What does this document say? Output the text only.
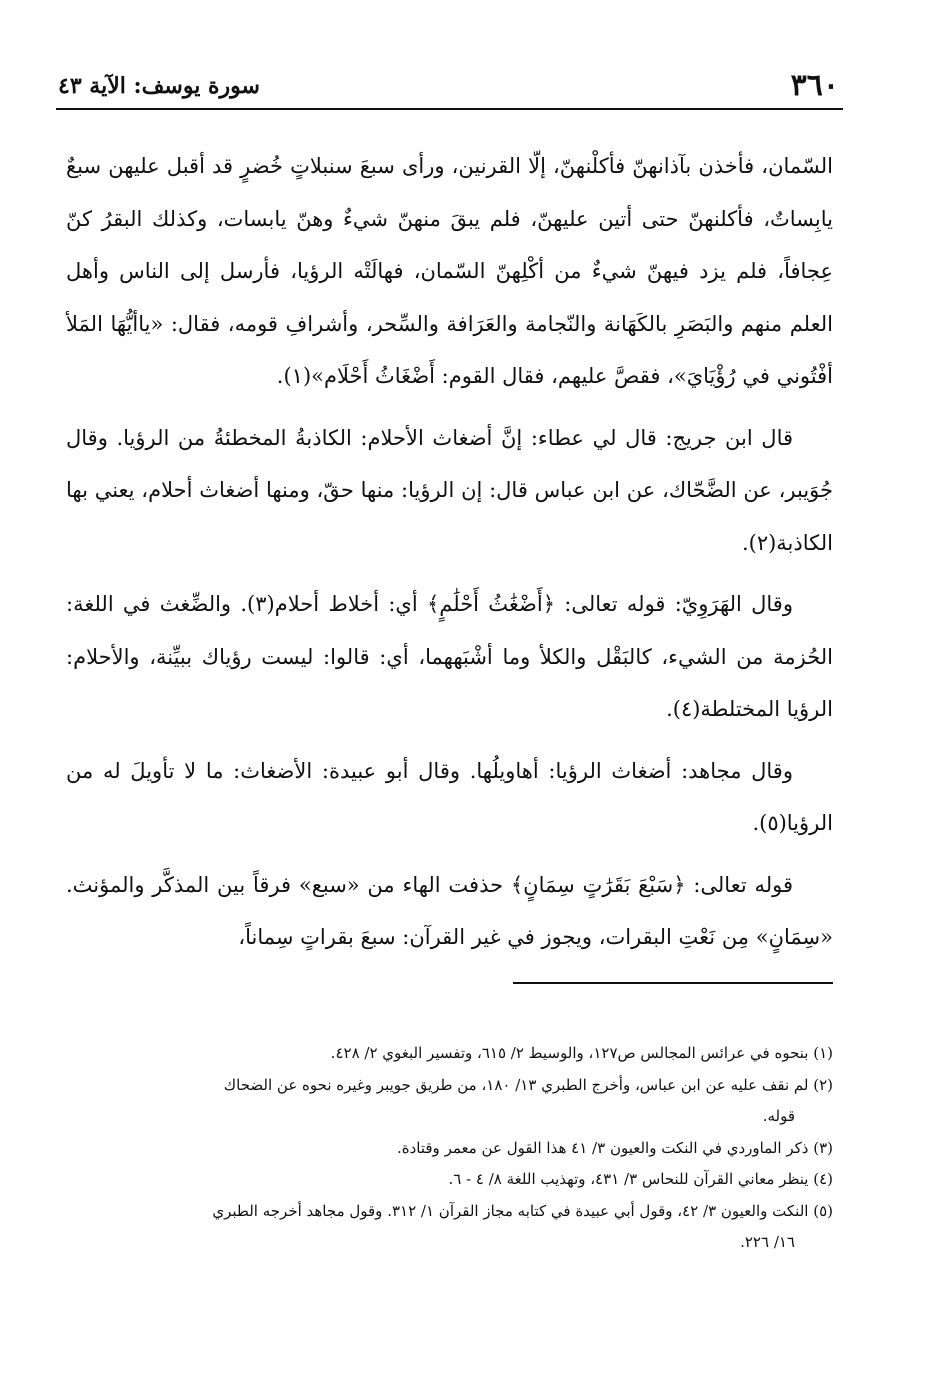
٣٦٠
سورة يوسف: الآية ٤٣

السّمان، فأخذن بآذانهنّ فأكلْنهنّ، إلّا القرنين، ورأى سبعَ سنبلاتٍ خُضرٍ قد أقبل عليهن سبعٌ يابِساتٌ، فأكلنهنّ حتى أتين عليهنّ، فلم يبقَ منهنّ شيءٌ وهنّ يابسات، وكذلك البقرُ كنّ عِجافاً، فلم يزد فيهنّ شيءٌ من أكْلِهنّ السّمان، فهالَتْه الرؤيا، فأرسل إلى الناس وأهل العلم منهم والبَصَرِ بالكَهَانة والنّجامة والعَرَافة والسِّحر، وأشرافِ قومه، فقال: «ياأيُّهَا المَلأ أفْتُوني في رُؤْيَايَ»، فقصَّ عليهم، فقال القوم: أَضْغَاثُ أَحْلَام»(١).

قال ابن جريج: قال لي عطاء: إنَّ أضغاث الأحلام: الكاذبةُ المخطئةُ من الرؤيا. وقال جُوَيبر، عن الضَّحّاك، عن ابن عباس قال: إن الرؤيا: منها حقّ، ومنها أضغاث أحلام، يعني بها الكاذبة(٢).

وقال الهَرَوِيّ: قوله تعالى: ﴿أَضْغَٰثُ أَحْلَٰمٍ﴾ أي: أخلاط أحلام(٣). والضِّغث في اللغة: الحُزمة من الشيء، كالبَقْل والكلأ وما أشْبَههما، أي: قالوا: ليست رؤياك ببيِّنة، والأحلام: الرؤيا المختلطة(٤).

وقال مجاهد: أضغاث الرؤيا: أهاويلُها. وقال أبو عبيدة: الأضغاث: ما لا تأويلَ له من الرؤيا(٥).

قوله تعالى: ﴿سَبْعَ بَقَرَٰتٍ سِمَانٍ﴾ حذفت الهاء من «سبع» فرقاً بين المذكَّر والمؤنث. «سِمَانٍ» مِن نَعْتِ البقرات، ويجوز في غير القرآن: سبعَ بقراتٍ سِماناً،

(١) بنحوه في عرائس المجالس ص١٢٧، والوسيط ٢/ ٦١٥، وتفسير البغوي ٢/ ٤٢٨.

(٢) لم نقف عليه عن ابن عباس، وأخرج الطبري ١٣/ ١٨٠، من طريق جويبر وغيره نحوه عن الضحاك

قوله.

(٣) ذكر الماوردي في النكت والعيون ٣/ ٤١ هذا القول عن معمر وقتادة.

(٤) ينظر معاني القرآن للنحاس ٣/ ٤٣١، وتهذيب اللغة ٨/ ٤ - ٦.

(٥) النكت والعيون ٣/ ٤٢، وقول أبي عبيدة في كتابه مجاز القرآن ١/ ٣١٢. وقول مجاهد أخرجه الطبري

١٦/ ٢٢٦.
